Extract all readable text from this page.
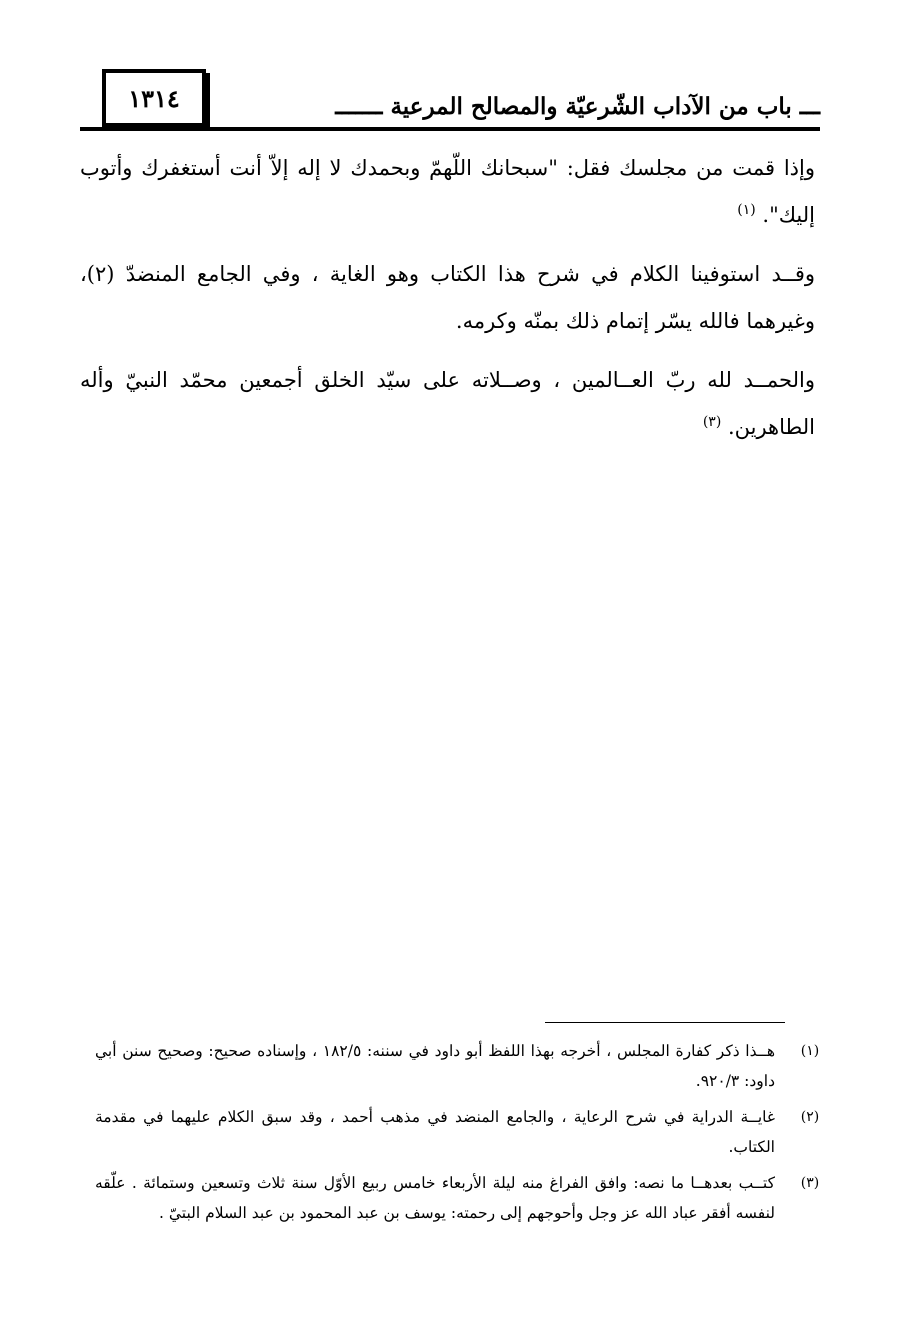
١٣١٤	ـــ باب من الآداب الشّرعيّة والمصالح المرعية ـــــــ

وإذا قمت من مجلسك فقل: "سبحانك اللّهمّ وبحمدك لا إله إلاّ أنت أستغفرك وأتوب إليك". $^{(١)}$

وقــد استوفينا الكلام في شرح هذا الكتاب وهو الغاية ، وفي الجامع المنضدّ (٢)، وغيرهما فالله يسّر إتمام ذلك بمنّه وكرمه.

والحمــد لله ربّ العــالمين ، وصــلاته على سيّد الخلق أجمعين محمّد النبيّ وأله الطاهرين. $^{(٣)}$

(١)
هــذا ذكر كفارة المجلس ، أخرجه بهذا اللفظ أبو داود في سننه: ١٨٢/٥ ، وإسناده صحيح: وصحيح سنن أبي داود: ٩٢٠/٣.
(٢)
غايــة الدراية في شرح الرعاية ، والجامع المنضد في مذهب أحمد ، وقد سبق الكلام عليهما في مقدمة الكتاب.
(٣)
كتــب بعدهــا ما نصه: وافق الفراغ منه ليلة الأربعاء خامس ربيع الأوّل سنة ثلاث وتسعين وستمائة . علّقه لنفسه أفقر عباد الله عز وجل وأحوجهم إلى رحمته: يوسف بن عبد المحمود بن عبد السلام البتيّ .
